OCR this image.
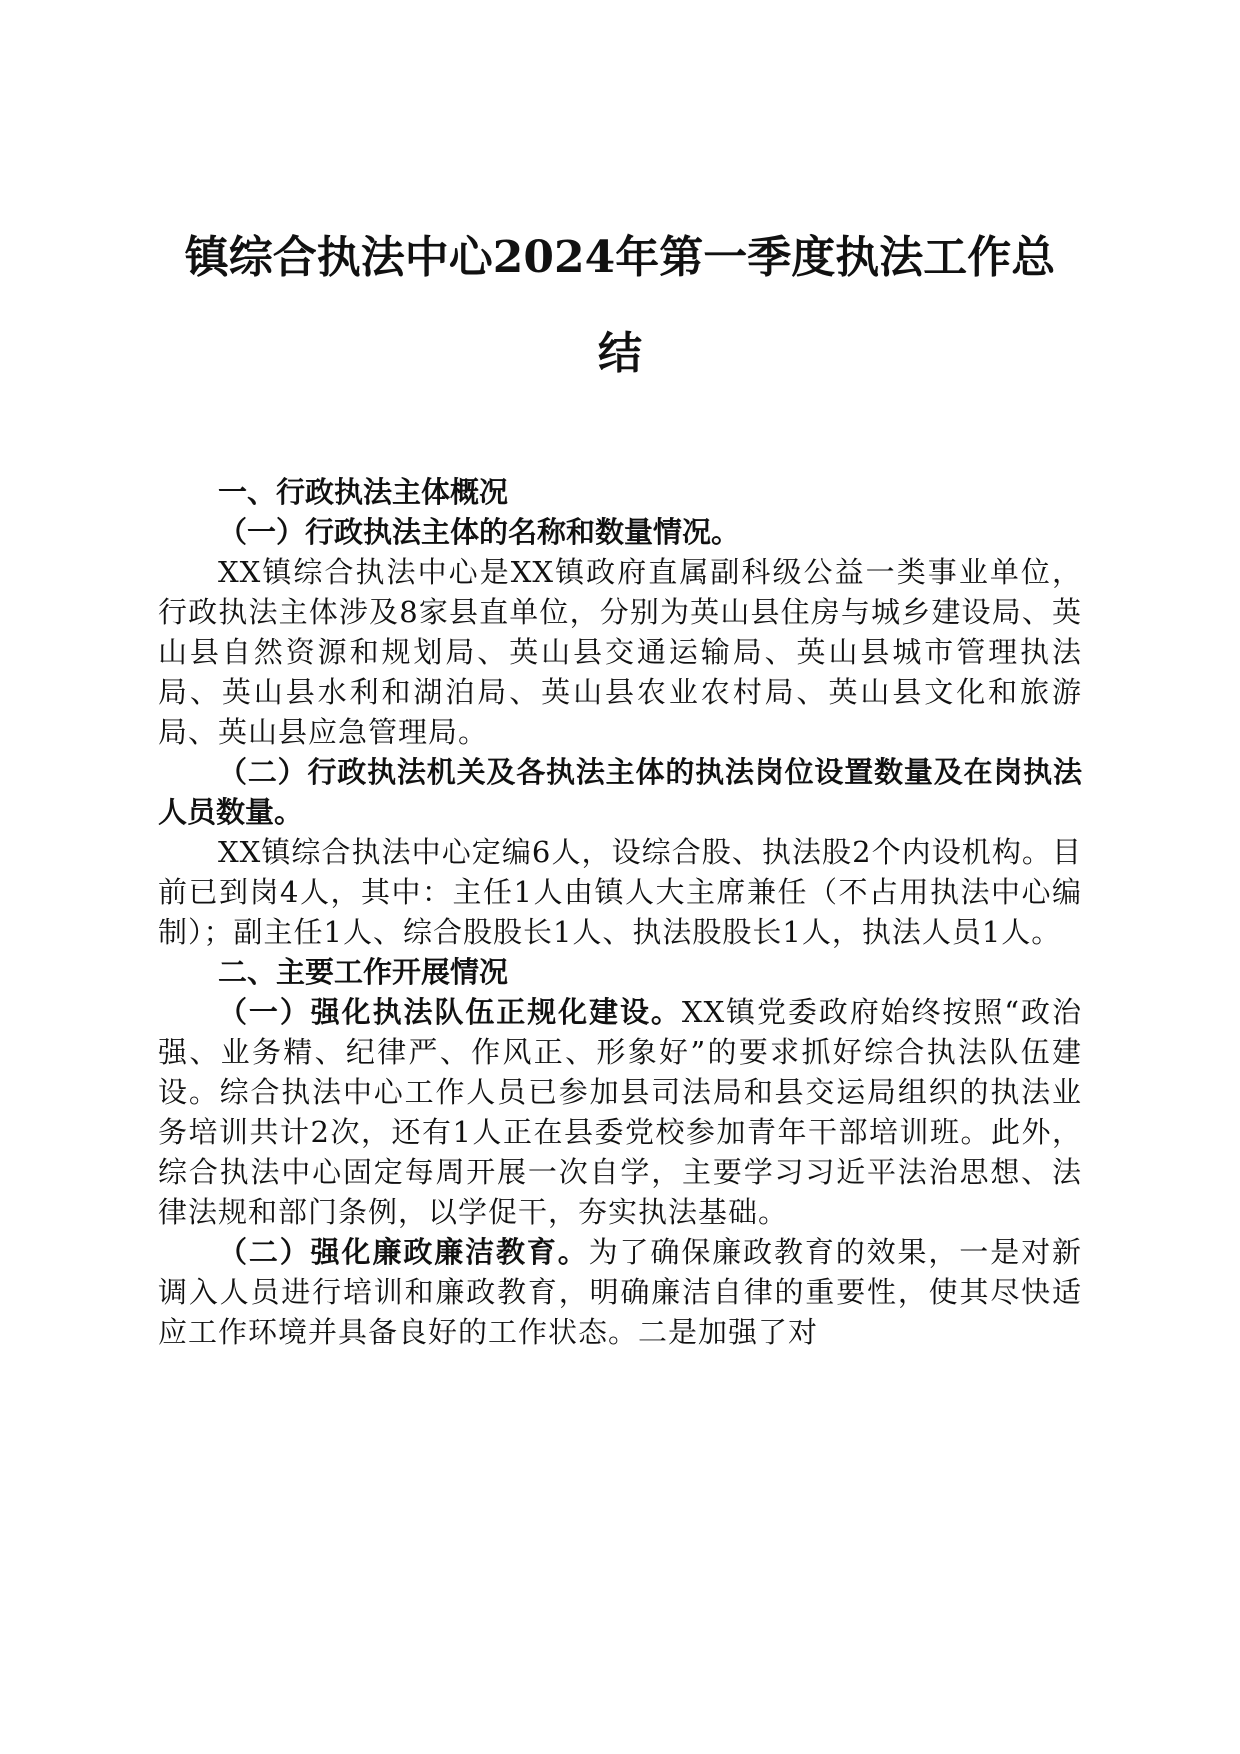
镇综合执法中心2024年第一季度执法工作总
结

一、行政执法主体概况

（一）行政执法主体的名称和数量情况。

XX镇综合执法中心是XX镇政府直属副科级公益一类事业单位，行政执法主体涉及8家县直单位，分别为英山县住房与城乡建设局、英山县自然资源和规划局、英山县交通运输局、英山县城市管理执法局、英山县水利和湖泊局、英山县农业农村局、英山县文化和旅游局、英山县应急管理局。

（二）行政执法机关及各执法主体的执法岗位设置数量及在岗执法人员数量。

XX镇综合执法中心定编6人，设综合股、执法股2个内设机构。目前已到岗4人，其中：主任1人由镇人大主席兼任（不占用执法中心编制）；副主任1人、综合股股长1人、执法股股长1人，执法人员1人。

二、主要工作开展情况

（一）强化执法队伍正规化建设。XX镇党委政府始终按照“政治强、业务精、纪律严、作风正、形象好”的要求抓好综合执法队伍建设。综合执法中心工作人员已参加县司法局和县交运局组织的执法业务培训共计2次，还有1人正在县委党校参加青年干部培训班。此外，综合执法中心固定每周开展一次自学，主要学习习近平法治思想、法律法规和部门条例，以学促干，夯实执法基础。

（二）强化廉政廉洁教育。为了确保廉政教育的效果，一是对新调入人员进行培训和廉政教育，明确廉洁自律的重要性，使其尽快适应工作环境并具备良好的工作状态。二是加强了对
